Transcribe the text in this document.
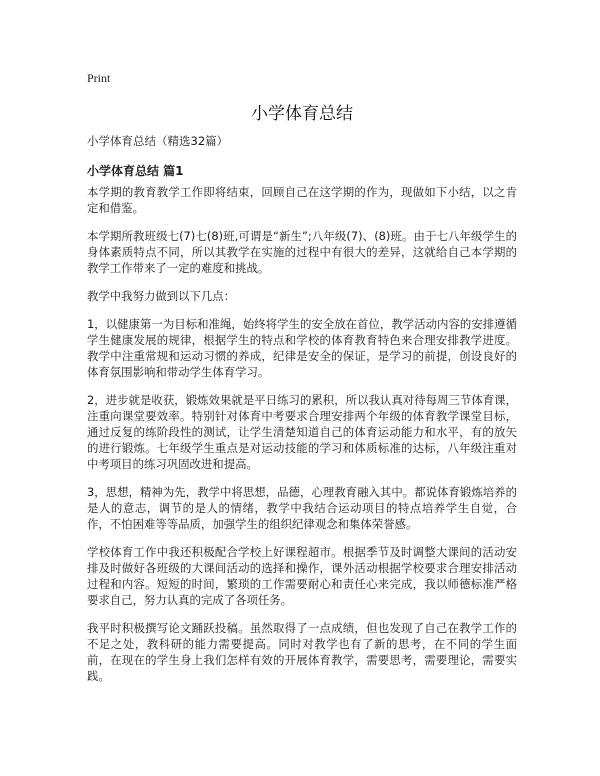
Print
小学体育总结

小学体育总结（精选32篇）

小学体育总结 篇1

本学期的教育教学工作即将结束，回顾自己在这学期的作为，现做如下小结，以之肯定和借鉴。

本学期所教班级七(7)七(8)班,可谓是“新生”;八年级(7)、(8)班。由于七八年级学生的身体素质特点不同，所以其教学在实施的过程中有很大的差异，这就给自己本学期的教学工作带来了一定的难度和挑战。

教学中我努力做到以下几点：

1，以健康第一为目标和准绳，始终将学生的安全放在首位，教学活动内容的安排遵循学生健康发展的规律，根据学生的特点和学校的体育教育特色来合理安排教学进度。教学中注重常规和运动习惯的养成，纪律是安全的保证，是学习的前提，创设良好的体育氛围影响和带动学生体育学习。

2，进步就是收获，锻炼效果就是平日练习的累积，所以我认真对待每周三节体育课，注重向课堂要效率。特别针对体育中考要求合理安排两个年级的体育教学课堂目标，通过反复的练阶段性的测试，让学生清楚知道自己的体育运动能力和水平，有的放矢的进行锻炼。七年级学生重点是对运动技能的学习和体质标准的达标，八年级注重对中考项目的练习巩固改进和提高。

3，思想，精神为先，教学中将思想，品德，心理教育融入其中。都说体育锻炼培养的是人的意志，调节的是人的情绪，教学中我结合运动项目的特点培养学生自觉，合作，不怕困难等等品质，加强学生的组织纪律观念和集体荣誉感。

学校体育工作中我还积极配合学校上好课程超市。根据季节及时调整大课间的活动安排及时做好各班级的大课间活动的选择和操作，课外活动根据学校要求合理安排活动过程和内容。短短的时间，繁琐的工作需要耐心和责任心来完成，我以师德标准严格要求自己，努力认真的完成了各项任务。

我平时积极撰写论文踊跃投稿。虽然取得了一点成绩，但也发现了自己在教学工作的不足之处，教科研的能力需要提高。同时对教学也有了新的思考，在不同的学生面前，在现在的学生身上我们怎样有效的开展体育教学，需要思考，需要理论，需要实践。
